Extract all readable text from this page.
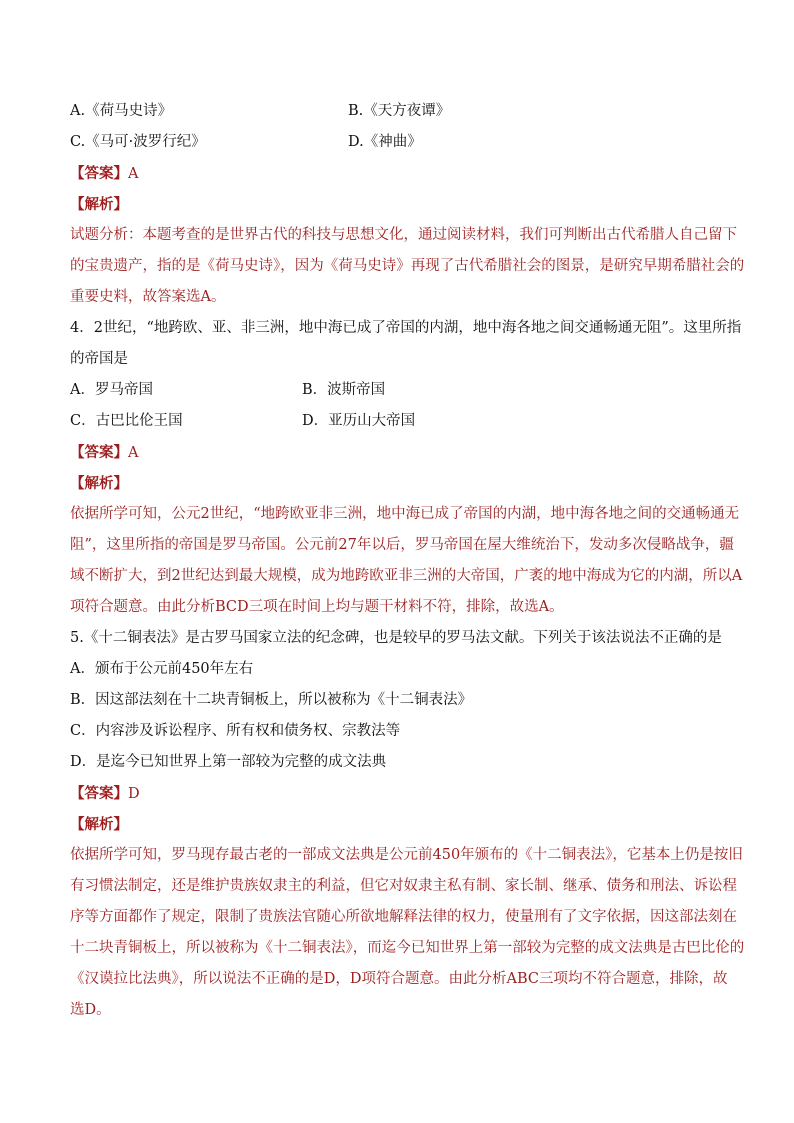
A.《荷马史诗》	B.《天方夜谭》
C.《马可·波罗行纪》	D.《神曲》
【答案】A
【解析】
试题分析：本题考查的是世界古代的科技与思想文化，通过阅读材料，我们可判断出古代希腊人自己留下
的宝贵遗产，指的是《荷马史诗》，因为《荷马史诗》再现了古代希腊社会的图景，是研究早期希腊社会的
重要史料，故答案选A。
4．2世纪，“地跨欧、亚、非三洲，地中海已成了帝国的内湖，地中海各地之间交通畅通无阻”。这里所指
的帝国是
A．罗马帝国	B．波斯帝国
C．古巴比伦王国	D．亚历山大帝国
【答案】A
【解析】
依据所学可知，公元2世纪，“地跨欧亚非三洲，地中海已成了帝国的内湖，地中海各地之间的交通畅通无
阻”，这里所指的帝国是罗马帝国。公元前27年以后，罗马帝国在屋大维统治下，发动多次侵略战争，疆
域不断扩大，到2世纪达到最大规模，成为地跨欧亚非三洲的大帝国，广袤的地中海成为它的内湖，所以A
项符合题意。由此分析BCD三项在时间上均与题干材料不符，排除，故选A。
5.《十二铜表法》是古罗马国家立法的纪念碑，也是较早的罗马法文献。下列关于该法说法不正确的是
A．颁布于公元前450年左右
B．因这部法刻在十二块青铜板上，所以被称为《十二铜表法》
C．内容涉及诉讼程序、所有权和债务权、宗教法等
D．是迄今已知世界上第一部较为完整的成文法典
【答案】D
【解析】
依据所学可知，罗马现存最古老的一部成文法典是公元前450年颁布的《十二铜表法》，它基本上仍是按旧
有习惯法制定，还是维护贵族奴隶主的利益，但它对奴隶主私有制、家长制、继承、债务和刑法、诉讼程
序等方面都作了规定，限制了贵族法官随心所欲地解释法律的权力，使量刑有了文字依据，因这部法刻在
十二块青铜板上，所以被称为《十二铜表法》，而迄今已知世界上第一部较为完整的成文法典是古巴比伦的
《汉谟拉比法典》，所以说法不正确的是D，D项符合题意。由此分析ABC三项均不符合题意，排除，故
选D。
